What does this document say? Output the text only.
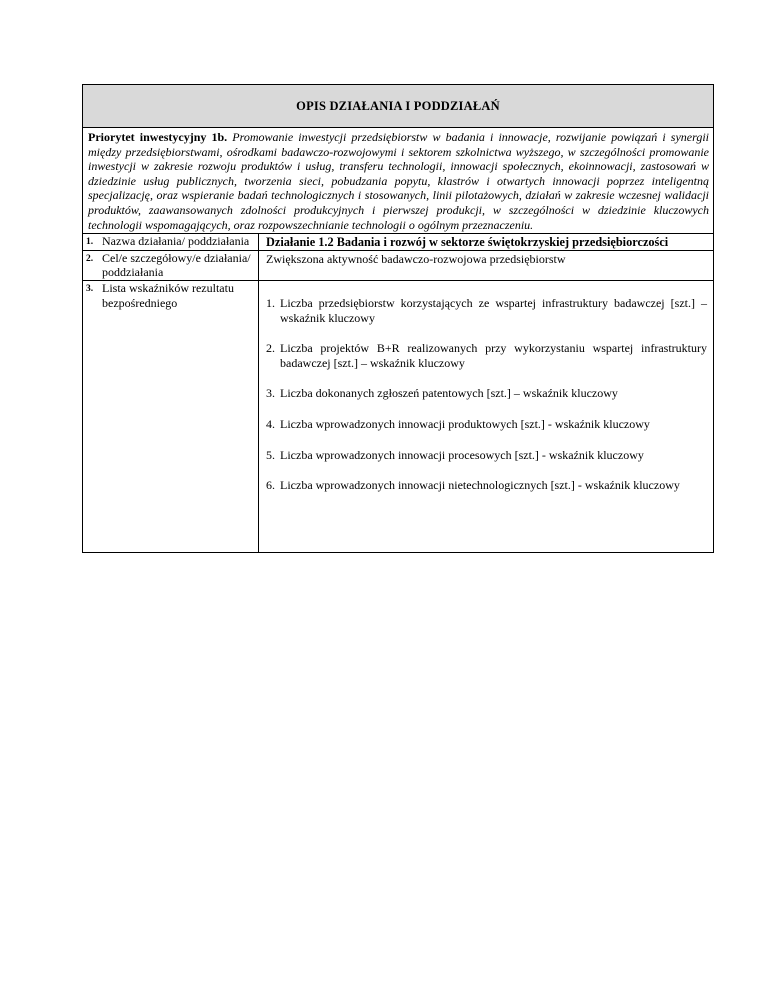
OPIS DZIAŁANIA I PODDZIAŁAŃ
Priorytet inwestycyjny 1b. Promowanie inwestycji przedsiębiorstw w badania i innowacje, rozwijanie powiązań i synergii między przedsiębiorstwami, ośrodkami badawczo-rozwojowymi i sektorem szkolnictwa wyższego, w szczególności promowanie inwestycji w zakresie rozwoju produktów i usług, transferu technologii, innowacji społecznych, ekoinnowacji, zastosowań w dziedzinie usług publicznych, tworzenia sieci, pobudzania popytu, klastrów i otwartych innowacji poprzez inteligentną specjalizację, oraz wspieranie badań technologicznych i stosowanych, linii pilotażowych, działań w zakresie wczesnej walidacji produktów, zaawansowanych zdolności produkcyjnych i pierwszej produkcji, w szczególności w dziedzinie kluczowych technologii wspomagających, oraz rozpowszechnianie technologii o ogólnym przeznaczeniu.
1. Nazwa działania/ poddziałania	Działanie 1.2 Badania i rozwój w sektorze świętokrzyskiej przedsiębiorczości
2. Cel/e szczegółowy/e działania/ poddziałania
Zwiększona aktywność badawczo-rozwojowa przedsiębiorstw
3. Lista wskaźników rezultatu bezpośredniego	1. Liczba przedsiębiorstw korzystających ze wspartej infrastruktury badawczej [szt.] – wskaźnik kluczowy
2. Liczba projektów B+R realizowanych przy wykorzystaniu wspartej infrastruktury badawczej [szt.] – wskaźnik kluczowy
3. Liczba dokonanych zgłoszeń patentowych [szt.] – wskaźnik kluczowy
4. Liczba wprowadzonych innowacji produktowych [szt.] - wskaźnik kluczowy
5. Liczba wprowadzonych innowacji procesowych [szt.] - wskaźnik kluczowy
6. Liczba wprowadzonych innowacji nietechnologicznych [szt.] - wskaźnik kluczowy
